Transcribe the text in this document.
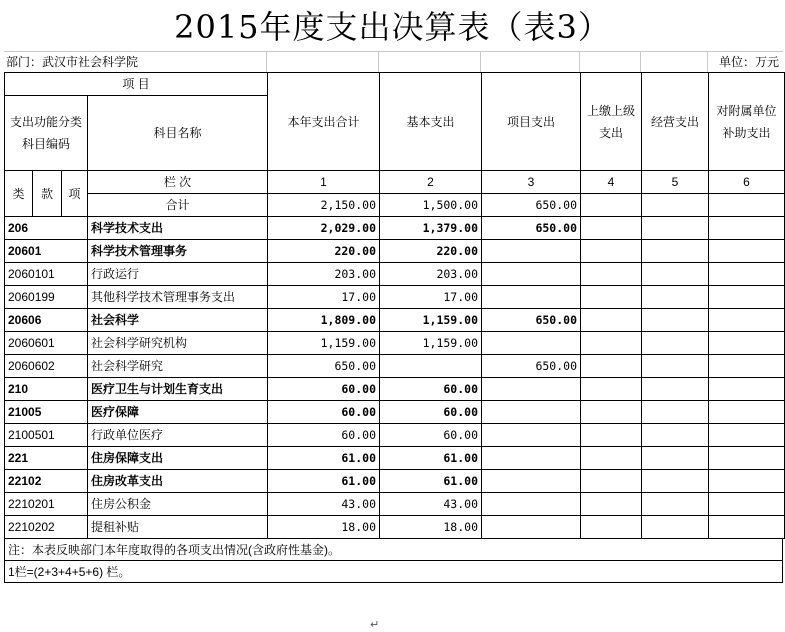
2015年度支出决算表（表3）
部门：武汉市社会科学院	单位：万元
项 目				本年支出合计	基本支出	项目支出	上缴上级支出	经营支出	对附属单位补助支出
支出功能分类科目编码			科目名称						

类	款	项	栏 次	1	2	3	4	5	6
			合计	2,150.00	1,500.00	650.00			
206			科学技术支出	2,029.00	1,379.00	650.00			
20601			科学技术管理事务	220.00	220.00				
2060101			行政运行	203.00	203.00				
2060199			其他科学技术管理事务支出	17.00	17.00				
20606			社会科学	1,809.00	1,159.00	650.00			
2060601			社会科学研究机构	1,159.00	1,159.00				
2060602			社会科学研究	650.00		650.00			
210			医疗卫生与计划生育支出	60.00	60.00				
21005			医疗保障	60.00	60.00				
2100501			行政单位医疗	60.00	60.00				
221			住房保障支出	61.00	61.00				
22102			住房改革支出	61.00	61.00				
2210201			住房公积金	43.00	43.00				
2210202			提租补贴	18.00	18.00				
注：本表反映部门本年度取得的各项支出情况(含政府性基金)。
1栏=(2+3+4+5+6) 栏。
↵
